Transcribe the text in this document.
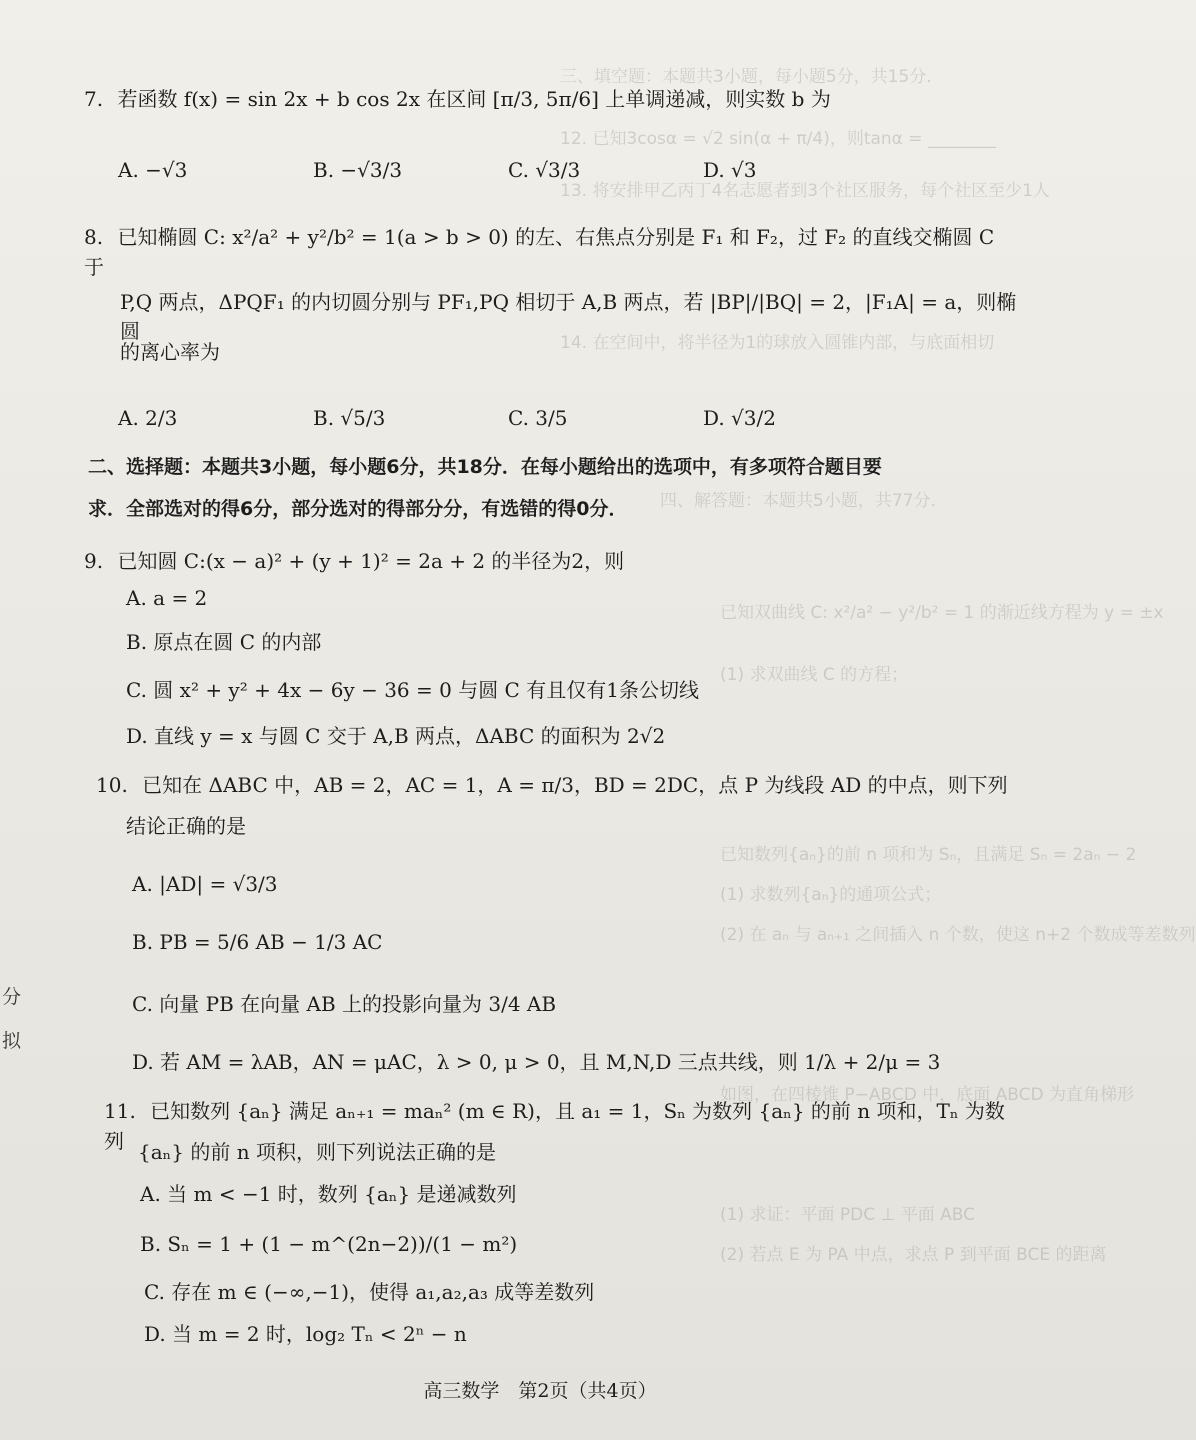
三、填空题：本题共3小题，每小题5分，共15分．
12. 已知3cosα = √2 sin(α + π/4)，则tanα = ________
13. 将安排甲乙丙丁4名志愿者到3个社区服务，每个社区至少1人
14. 在空间中，将半径为1的球放入圆锥内部，与底面相切
四、解答题：本题共5小题，共77分．
已知双曲线 C: x²/a² − y²/b² = 1 的渐近线方程为 y = ±x
(1) 求双曲线 C 的方程；
已知数列{aₙ}的前 n 项和为 Sₙ，且满足 Sₙ = 2aₙ − 2
(1) 求数列{aₙ}的通项公式；
(2) 在 aₙ 与 aₙ₊₁ 之间插入 n 个数，使这 n+2 个数成等差数列
如图，在四棱锥 P−ABCD 中，底面 ABCD 为直角梯形
(1) 求证：平面 PDC ⊥ 平面 ABC
(2) 若点 E 为 PA 中点，求点 P 到平面 BCE 的距离
7. 若函数 f(x) = sin 2x + b cos 2x 在区间 [π/3, 5π/6] 上单调递减，则实数 b 为
A. −√3	B. −√3/3	C. √3/3	D. √3
8. 已知椭圆 C: x²/a² + y²/b² = 1(a > b > 0) 的左、右焦点分别是 F₁ 和 F₂，过 F₂ 的直线交椭圆 C 于
P,Q 两点，ΔPQF₁ 的内切圆分别与 PF₁,PQ 相切于 A,B 两点，若 |BP|/|BQ| = 2，|F₁A| = a，则椭圆
的离心率为
A. 2/3	B. √5/3	C. 3/5	D. √3/2
二、选择题：本题共3小题，每小题6分，共18分．在每小题给出的选项中，有多项符合题目要
求．全部选对的得6分，部分选对的得部分分，有选错的得0分．
9. 已知圆 C:(x − a)² + (y + 1)² = 2a + 2 的半径为2，则
A. a = 2
B. 原点在圆 C 的内部
C. 圆 x² + y² + 4x − 6y − 36 = 0 与圆 C 有且仅有1条公切线
D. 直线 y = x 与圆 C 交于 A,B 两点，ΔABC 的面积为 2√2
10. 已知在 ΔABC 中，AB = 2，AC = 1，A = π/3，BD = 2DC，点 P 为线段 AD 的中点，则下列
结论正确的是
A. |AD| = √3/3
B. PB = 5/6 AB − 1/3 AC
C. 向量 PB 在向量 AB 上的投影向量为 3/4 AB
D. 若 AM = λAB，AN = μAC，λ > 0, μ > 0，且 M,N,D 三点共线，则 1/λ + 2/μ = 3
11. 已知数列 {aₙ} 满足 aₙ₊₁ = maₙ² (m ∈ R)，且 a₁ = 1，Sₙ 为数列 {aₙ} 的前 n 项和，Tₙ 为数列 {aₙ} 的前 n 项积，则下列说法正确的是
A. 当 m < −1 时，数列 {aₙ} 是递减数列
B. Sₙ = 1 + (1 − m^(2n−2))/(1 − m²)
C. 存在 m ∈ (−∞,−1)，使得 a₁,a₂,a₃ 成等差数列
D. 当 m = 2 时，log₂ Tₙ < 2ⁿ − n
分
拟
高三数学　第2页（共4页）
